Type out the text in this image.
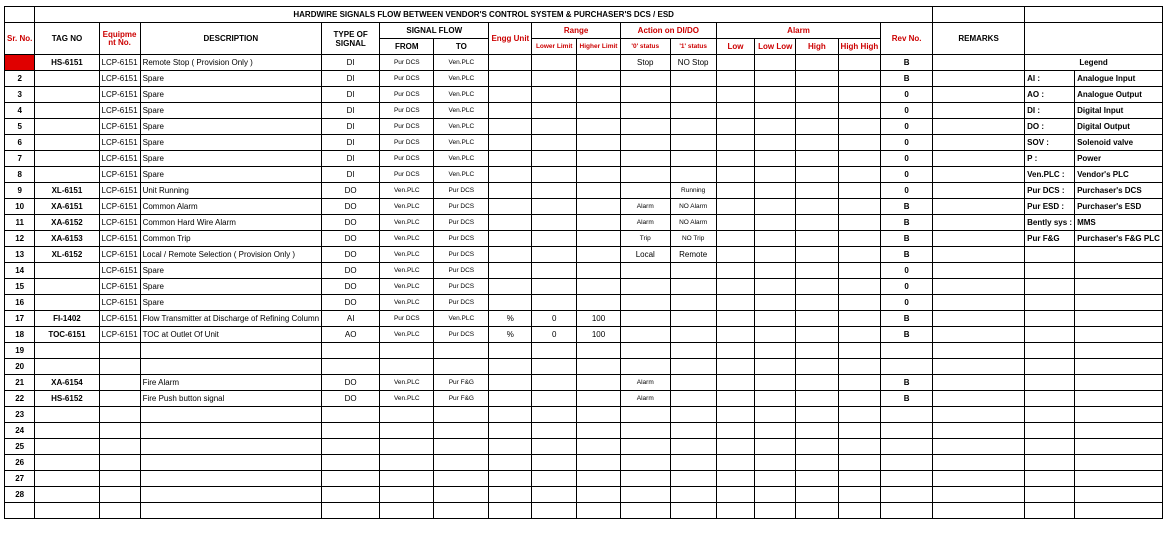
	HARDWIRE SIGNALS FLOW BETWEEN VENDOR'S CONTROL SYSTEM & PURCHASER'S DCS / ESD																		
Sr. No.	TAG NO	Equipme nt No.	DESCRIPTION	TYPE OF SIGNAL	SIGNAL FLOW		Engg Unit	Range		Action on DI/DO		Alarm				Rev No.	REMARKS		
					FROM	TO		Lower Limit	Higher Limit	'0' status	'1' status	Low	Low Low	High	High High				
1	HS-6151	LCP-6151	Remote Stop ( Provision Only )	DI	Pur DCS	Ven.PLC				Stop	NO Stop					B		Legend	
2		LCP-6151	Spare	DI	Pur DCS	Ven.PLC										B		AI :	Analogue Input
3		LCP-6151	Spare	DI	Pur DCS	Ven.PLC										0		AO :	Analogue Output
4		LCP-6151	Spare	DI	Pur DCS	Ven.PLC										0		DI :	Digital Input
5		LCP-6151	Spare	DI	Pur DCS	Ven.PLC										0		DO :	Digital Output
6		LCP-6151	Spare	DI	Pur DCS	Ven.PLC										0		SOV :	Solenoid valve
7		LCP-6151	Spare	DI	Pur DCS	Ven.PLC										0		P :	Power
8		LCP-6151	Spare	DI	Pur DCS	Ven.PLC										0		Ven.PLC :	Vendor's PLC
9	XL-6151	LCP-6151	Unit Running	DO	Ven.PLC	Pur DCS					Running					0		Pur DCS :	Purchaser's DCS
10	XA-6151	LCP-6151	Common Alarm	DO	Ven.PLC	Pur DCS				Alarm	NO Alarm					B		Pur ESD :	Purchaser's ESD
11	XA-6152	LCP-6151	Common Hard Wire Alarm	DO	Ven.PLC	Pur DCS				Alarm	NO Alarm					B		Bently sys :	MMS
12	XA-6153	LCP-6151	Common Trip	DO	Ven.PLC	Pur DCS				Trip	NO Trip					B		Pur F&G	Purchaser's F&G PLC
13	XL-6152	LCP-6151	Local / Remote Selection ( Provision Only )	DO	Ven.PLC	Pur DCS				Local	Remote					B			
14		LCP-6151	Spare	DO	Ven.PLC	Pur DCS										0			
15		LCP-6151	Spare	DO	Ven.PLC	Pur DCS										0			
16		LCP-6151	Spare	DO	Ven.PLC	Pur DCS										0			
17	FI-1402	LCP-6151	Flow Transmitter at Discharge of Refining Column	AI	Pur DCS	Ven.PLC	%	0	100							B			
18	TOC-6151	LCP-6151	TOC at Outlet Of Unit	AO	Ven.PLC	Pur DCS	%	0	100							B			
19																			
20																			
21	XA-6154		Fire Alarm	DO	Ven.PLC	Pur F&G				Alarm						B			
22	HS-6152		Fire Push button signal	DO	Ven.PLC	Pur F&G				Alarm						B			
23																			
24																			
25																			
26																			
27																			
28																			
